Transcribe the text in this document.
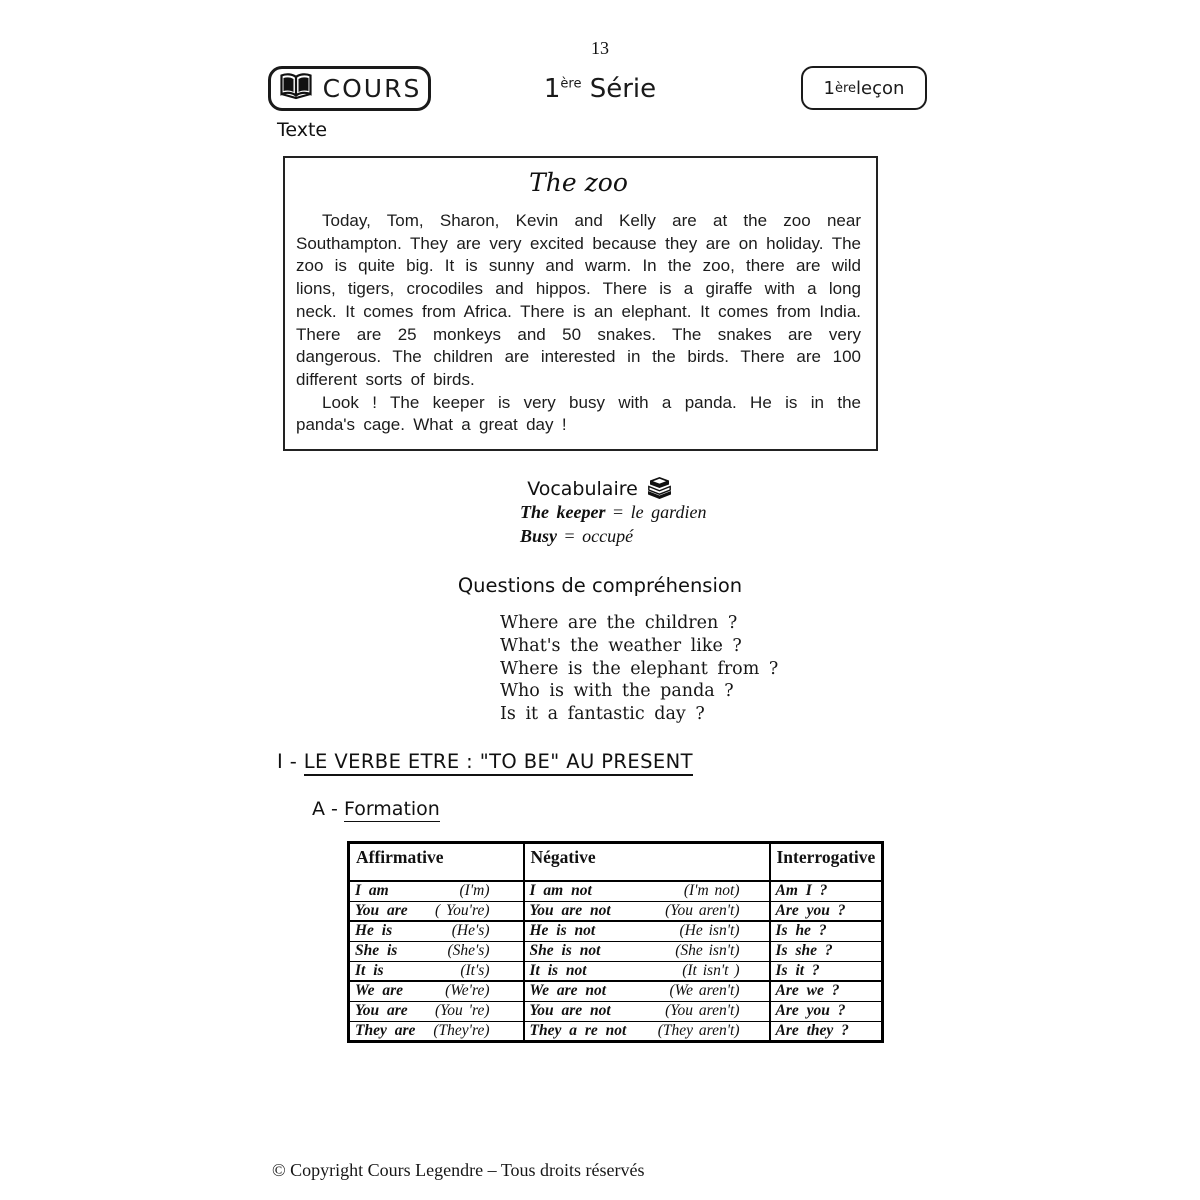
13
COURS	1ère Série	1 ère leçon
Texte
The zoo

Today, Tom, Sharon, Kevin and Kelly are at the zoo near Southampton. They are very excited because they are on holiday. The zoo is quite big. It is sunny and warm. In the zoo, there are wild lions, tigers, crocodiles and hippos. There is a giraffe with a long neck. It comes from Africa. There is an elephant. It comes from India. There are 25 monkeys and 50 snakes. The snakes are very dangerous. The children are interested in the birds. There are 100 different sorts of birds.

Look ! The keeper is very busy with a panda. He is in the panda's cage. What a great day !

Vocabulaire
The keeper = le gardien
Busy = occupé
Questions de compréhension
Where are the children ?
What's the weather like ?
Where is the elephant from ?
Who is with the panda ?
Is it a fantastic day ?
I - LE VERBE ETRE : "TO BE" AU PRESENT
A - Formation
Affirmative	Négative	Interrogative

I am (I'm)	I am not (I'm not)	Am I ?

You are ( You're)	You are not (You aren't)	Are you ?

He is (He's)	He is not (He isn't)	Is he ?

She is (She's)	She is not (She isn't)	Is she ?

It is (It's)	It is not (It isn't )	Is it ?

We are (We're)	We are not (We aren't)	Are we ?

You are (You 're)	You are not (You aren't)	Are you ?

They are (They're)	They a re not (They aren't)	Are they ?
© Copyright Cours Legendre – Tous droits réservés
